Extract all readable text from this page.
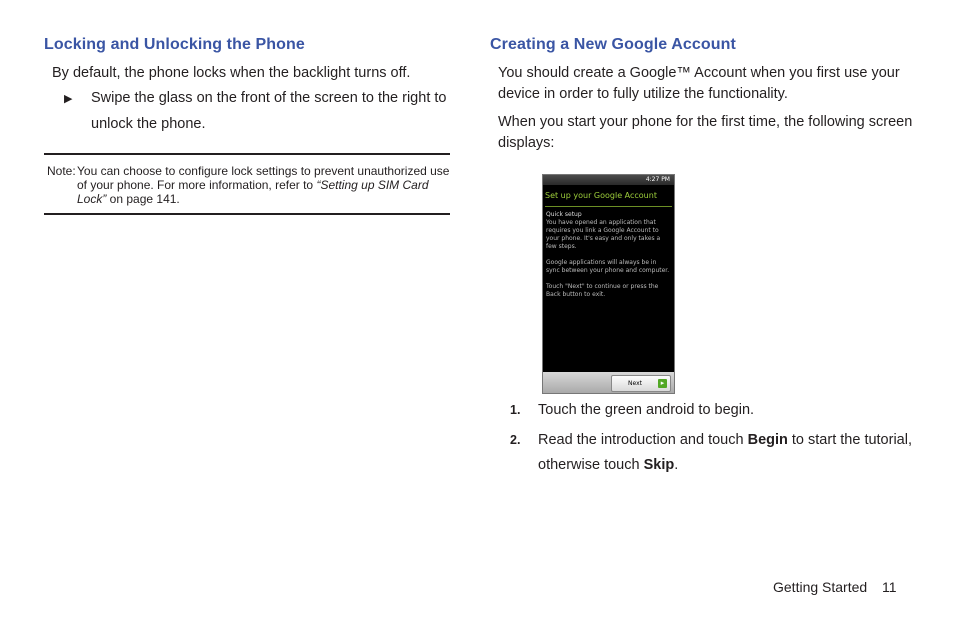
Locking and Unlocking the Phone
By default, the phone locks when the backlight turns off.
▶ Swipe the glass on the front of the screen to the right to
unlock the phone.
Note: You can choose to configure lock settings to prevent unauthorized use
of your phone. For more information, refer to “Setting up SIM Card
Lock” on page 141.
Creating a New Google Account
You should create a Google™ Account when you first use your
device in order to fully utilize the functionality.
When you start your phone for the first time, the following screen
displays:
4:27 PM
Set up your Google Account
Quick setup
You have opened an application that requires you link a Google Account to your phone. It's easy and only takes a few steps.
Google applications will always be in sync between your phone and computer.
Touch "Next" to continue or press the Back button to exit.
Next	▸
1. Touch the green android to begin.
2. Read the introduction and touch Begin to start the tutorial,
otherwise touch Skip.
Getting Started 11
